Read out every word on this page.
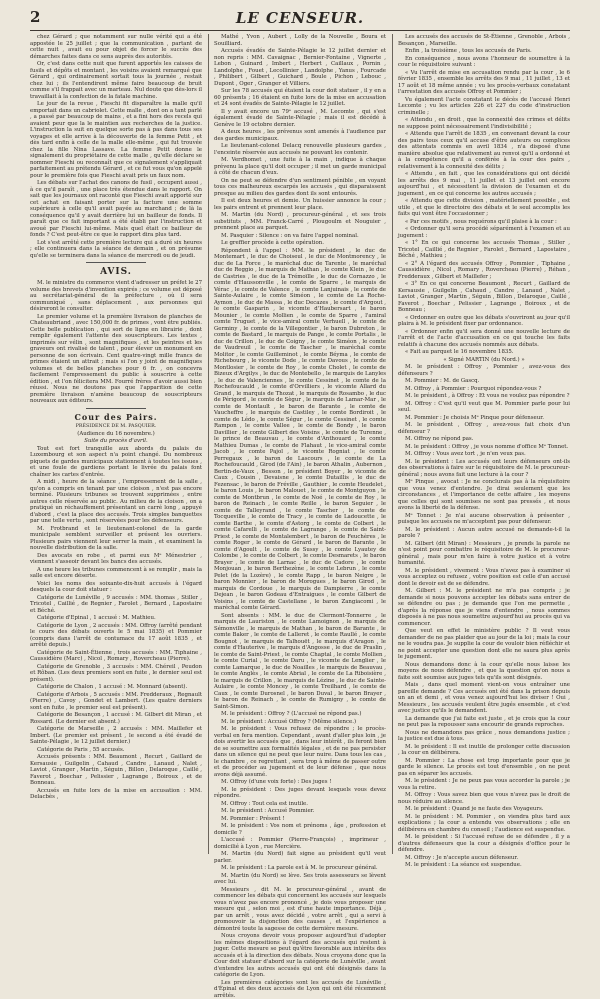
2	LE CENSEUR.

chez Gérard ; que notamment sur nulle vérité qui a été appostée le 25 juillet ; que la communication , partant de cette nuit , avait eu pour objet de forcer le succès des démarches faites dans ce sens auprès des autorités.

Or, c'est dans cette nuit que furent apportés les caisses de fusils et dépôts et montant , les voisins avaient remarqué que Gérard , qui ordinairement sortait tous la journée , restait chez lui ; ils l'entendirent même faire beaucoup de bruit comme s'il frappait avec un marteau. Nul doute que dès-lors il travaillait à la confection de la fatale machine.

Le jour de la revue , Fieschi fit disparaître la malle qu'il emportait dans un cabriolet. Cette malle , dont on a tant parlé , a passé par beaucoup de mains , et a fini hors des recels qui avaient peur que la le maintien aux recherches de la justice. L'instruction la suit en quelque sorte pas à pas dans tous ses voyages et elle arrive à la découverte de la femme Petit , et dès tard enfin à celle de la malle elle-même , qui fut trouvée chez la fille Nina Lassave. La femme Petit donne le signalement du propriétaire de cette malle , qu'elle déclare se nommer Fieschi ou reconnaît que ce signalement s'appliquait parfaitement au prétendu Gérard , et ce fut vous qu'on appelé pour le première fois que Fieschi avait pris un faux nom.

Les débats sur l'achat des canons de fusil , occupent aussi , à ce qu'il paraît , une place très étendue dans le rapport. On sait que les journaux ont raconté que Fieschi avait apporté sur cet achat en faisant porter sur la facture une somme supérieure à celle qu'il avait payée au marchand ; de là la conséquence qu'il y avait derrière lui un bailleur de fonds. Il paraît que ce fait important a été établi par l'instruction et avoué par Fieschi lui-même. Mais quel était ce bailleur de fonds ? C'est peut-être ce que le rapport dira plus tard.

Lot s'est arrêté cette première lecture qui a duré six heures ; elle continuera dans la séance de demain , et on présume qu'elle se terminera dans la séance de mercredi ou de jeudi.

AVIS.

M. le ministre du commerce vient d'adresser un préfet le 27 volume des brevets d'invention expirés ; ce volume est déposé au secrétariat-général de la préfecture , où il sera communiqué , sans déplacement , aux personnes qui désireront le consulter.

Le premier volume et la première livraison de planches de Chateaubriand , avec 150,000 fr. de primes , vont être publiés. Cette belle publication , qui sort de ligne en librairie , dont remplir également l'attente des souscripteurs. Les textes , imprimés sur vélin , sont magnifiques , et les peintres et les graveurs ont rivalisé de talent , pour élever un monument en personne de son écrivain. Cent quatre-vingt mille francs de primes étaient un attrait ; mais si l'on y joint de magnifiques volumes et de belles planches pour 6 fr. , on concevra facilement l'empressement du public à souscrire à cette édition , et l'on félicitera MM. Fourré frères d'avoir aussi bien réussi. Nous ne doutons pas que l'apparition de cette première livraison n'amène beaucoup de souscripteurs nouveaux aux éditeurs.

Cour des Pairs.

PRÉSIDENCE DE M. PASQUIER.

(Audience du 16 novembre.)

Suite du procès d'avril.

Tout est fort tranquille aux abords du palais du Luxembourg et son aspect n'a point changé. Du nombreux piquets de gardes municipaux stationnent à toutes les issues , et une foule de gardiens portant le livrée du palais font chaîner les cartes d'entrée.

A midi , heure de la séance , l'empressement de la salle , qu'on a compris en tenant par une cloison , n'est pas encore terminé. Plusieurs tribunes se trouvent supprimées , entre autres celle réservée au public. Au milieu de la cloison , on a pratiqué un réchauffement présentant un carré long , appuyé d'abord , c'est la place des accusés. Trois simples banquettes par une telle vertu , sont réservées pour les défenseurs.

M. Frotbrand et le lieutenant-colonel de la garde municipale semblent surveiller et présent les ouvriers. Plusieurs pairs viennent leur serrer la main , et examinent la nouvelle distribution de la salle.

Des avocats en robe , et parmi eux Mᵉ Ménestrier , viennent s'asseoir devant les bancs des accusés.

A une heure les tribunes commencent à se remplir , mais la salle est encore déserte.

Voici les noms des soixante-dix-huit accusés à l'égard desquels la cour doit statuer :

Catégorie de Lunéville , 9 accusés : MM. thomas , Stiller , Tricotel , Caillié , de Regnier , Farolet , Bernard , Lapostaire et Béché.

Catégorie d'Epinal , 1 accusé : M. Mathieu.

Catégorie de Lyon , 2 accusés : MM. Offroy (arrêté pendant le cours des débats ouverts le 5 mai 1835) et Pommier (compris dans l'arrêt de contumace du 17 août 1835 , et arrêté depuis.)

Catégorie de Saint-Étienne , trois accusés : MM. Tiphaine , Caussidière (Marc) , Nicol , Romary , Rovercheau (Pierre).

Catégorie de Grenoble , 3 accusés : MM. Chéreil , Peudon et Rôban. (Les deux premiers sont en fuite , le dernier seul est présent).

Catégorie de Chalon , 1 accusé : M. Monnard (absent).

Catégorie d'Arbois , 5 accusés : MM. Fredderaux , Regnault (Pierre) , Cavoy , Gondet et Lambert. (Les quatre derniers sont en fuite , le premier seul est présent).

Catégorie de Besançon , 1 accusé : M. Gilbert dit Miran , et Rossard. (Le dernier est absent.)

Catégorie de Marseille , 2 accusés : MM. Maillefer et Imbert. (Le premier est présent , le second a été évadé de Sainte-Pélagie , le 12 juillet dernier.)

Catégorie de Paris , 55 accusés.

Accusés présents : MM. Beaumont , Recurt , Gaillard de Kersausie , Guilgelin , Cahaud , Candre , Lanaud , Nalet , Laviot , Granger , Martin , Séguin , Billon , Delaroque , Caillé , Faverot , Boechar , Pelissier , Lagrange , Boiroux , et de Bonneau.

Accusés en fuite lors de la mise en accusation : MM. Delacbès ,

Mathé , Yvon , Aubert , Lolly de la Nouvelle , Boura et Souilliard.

Accusés évadés de Sainte-Pélagie le 12 juillet dernier et non repris : MM. Cavaignac , Bernier-Fontaine , Vignerte , Lebon , Guinard , Imbert , Herbert , Caillaux , Pornin , Landolphe , Fouet , Lecollinier , Landolphe , Yanus , Fourcade , Philibert , Gilbert , Guichard , Boule , Pichon , Lebouc , Dupont , Oger , Granger et Villiers.

Sur les 78 accusés qui étaient la cour doit statuer , il y en a 60 présents ; 16 étaient en fuite lors de la mise en accusation et 24 sont évadés de Sainte-Pélagie le 12 juillet.

Il y avait encore un 79ᵉ accusé , M. Lecomte , qui s'est également évadé de Sainte-Pélagie ; mais il est décédé à Genève le 19 octobre dernier.

A deux heures , les prévenus sont amenés à l'audience par des gardes municipaux.

Le lieutenant-colonel Delacq renouvelle plusieurs gardes , l'enceinte réservée aux accusés ne pouvant les contenir.

M. Verdhomet , une fuite à la main , indique à chaque prévenu la place qu'il doit occuper ; il met un garde municipal à côté de chacun d'eux.

On ne peut se défendre d'un sentiment pénible , en voyant tous ces malheureux escarpés les accusés , qui disparaissent presque au milieu des gardes dont ils sont entourés.

Il est deux heures et demie. Un huissier annonce la cour ; les pairs entrent et prennent leur place.

M. Martin (du Nord) , procureur-général , et ses trois substituts , MM. Franck-Carré , Plougoulm et Nouguier , prennent place au parquet.

M. Pasquier : Silence : on va faire l'appel nominal.

Le greffier procède à cette opération.

Répondent à l'appel : MM. le président , le duc de Montemart , le duc de Choiseul , le duc de Montmorency , le duc de La Force , le maréchal duc de Tarente , le maréchal duc de Reggio , le marquis de Mathan , le comte Klein , le duc de Castries , le duc de la Trémoïlle , le duc de Cornazzo , le comte d'Haussonville , le comte de Sparre , le marquis de Vérac , le comte de Valence , le comte Lanjuinais , le comte de Sainte-Aulaire , le comte Siméon , le comte de La Roche-Aymon , le duc de Massa , le duc Decazes , le comte d'Argout , le comte Gasparin , le vicomte d'Haubersart , le baron Mounier , le comte Mollien , le comte de Sparre , l'amiral comte Truguet , le vice-amiral comte Verhuell , le comte de Germiny , le comte de la Villegontier , le baron Dubreton , le comte de Bastard , le marquis de Pange , le comte Portalis , le duc de Crillon , le duc de Coigny , le comte Siméon , le comte de Vaudreuil , le comte de Tascher , le maréchal comte Molitor , le comte Guilleminot , le comte Béyma , le comte de Richebourg , le vicomte Dode , le comte Davous , le comte de Montlosier , le comte de Roy , le comte Cholet , le comte de Bizeux d'Argilys , le duc de Montebello , le marquis de Lanyles , le duc de Valenciennes , le comte Cessinet , le comte de la Rochefoucauld , le comte d'Orvilliers , le vicomte Allard du Grand , le marquis de Thozat , le marquis de Rosambo , le duc de Périgord , le comte de Sègur , le marquis de Lamar-Mar , le comte de Montault , le baron de Barante , le comte de Vaucheffre , le marquis de Castiley , le comte Bordiroit , le comte de Lédo , le comte Ségur , le comte Cessinet , le comte Rampon , le comte Vallee , le comte de Bondy , le baron Davillier , le comte Gilbert des Voisins , le comte de Turenne , le prince de Beauvau , le comte d'Anthouard , le comte Mathieu Dumas , le comte de Flahaut , le vice-amiral comte Jacob , le comte Pajol , le vicomte Rogniat , le comte Perregaux , le baron de Lascours , le comte de La Rochefoucauld , Girod (de l'Ain) , le baron Athalin , Aubernon , Bertin-de-Vaux , Besson , le président Boyer , le vicomte de Caux , Cousin , Devaisne , le comte Dutaillis , le duc de Fezensac , le baron de Fréville , Gauthier , le comte Heudelet , le baron Louis , le baron Malouet , le comte de Montguyon , le comte de Montbrun , le comte de Noé , le comte de Roy , le baron de Reinach , le comte Reille , le baron Seguier , le comte de Talleyrand , le comte Tascher , le comte de Tocqueville , le comte de Tracy , le comte de Ladoucette , le comte Barthe , le comte d'Astorg , le comte de Colbert , le comte Cafarelli , le comte de Lagrange , le comte de Saint-Priest , le comte de Montalembert , le baron de Feuchères , le comte Roger , le comte de Gérard , le baron de Barante , le comte d'Agoult , le comte de Sussy , le comte Lyautey de Colombe , le comte de Colbert , le comte Desmarets , le baron Brayer , le comte de Larnac , le duc de Cadore , le comte Monjouan , le baron Berthezène , le comte Lebrun , le comte Pelet (de la Lozère) , le comte Rapp , le baron Neigre , le baron Monnier , le baron de Morogues , le baron Girod , le marquis de Cordoue , le marquis de Dampierre , le comte Dejean , le baron Godeau d'Entraigues , le comte Gilbert de Voisins , le comte de Castellane , le baron Zangiacomi , le maréchal comte Gérard.

Sont absents : MM. le duc de Clermont-Tonnerre , le marquis de Lauriston , le comte Lamoignon , le marquis de Sémonville , le marquis de Mathan , le baron de Barante , le comte Baker , le comte de Lalleret , le comte Raullé , le comte Bougnot , le marquis de Talhouët , le marquis d'Aragon , le comte d'Hauterive , le marquis d'Angosse , le duc de Praslin , le comte de Saint-Priest , le comte Chaptal , le comte Mollien , le comte Curial , le comte Daru , le vicomte de Lenglier , le comte Lamarque , le duc de Noailles , le marquis de Beauvau , le comte Anglès , le comte Abrial , le comte de La Riboisière , le marquis de Crillon , le marquis de Lézine , le duc de Sainte-Aulaire , le comte Moncey , le comte Treilhard , le comte de Caux , le comte Durosnel , le baron Duval , le baron Brayer , le baron de Reinach , le comte de Rumigny , le comte de Saint-Simon.

M. le président : Offroy ? (L'accusé ne répond pas.)

M. le président : Accusé Offroy ? (Même silence.)

M. le président : Vous refusez de répondre ; le procès-verbal en fera mention. Cependant , avant d'aller plus loin , je dois avertir les accusés que , dans leur intérêt , ils feront bien de se soumettre aux formalités légales , et de ne pas persister dans un silence qui ne peut que leur nuire. Dans tous les cas , le chambre , ce regrettant , sera trop à même de passer outre et de procéder au jugement et de leur défense , que nous avons déjà assumé.

M. Offroy (d'une voix forte) : Des juges !

M. le président : Des juges devant lesquels vous devez répondre.

M. Offroy : Tout cela est inutile.

M. le président : Accusé Pommier.

M. Pommier : Présent !

M. le président : Vos nom et prénoms , âge , profession et domicile ?

L'accusé : Pommier (Pierre-François) , imprimeur , domicilié à Lyon , rue Mercière.

M. Martin (du Nord) fait signe au président qu'il veut parler.

M. le président : La parole est à M. le procureur général.

M. Martin (du Nord) se lève. Ses trois assesseurs se lèvent avec lui.

Messieurs , dit M. le procureur-général , avant de commencer les débats qui concernent les accusés sur lesquels vous n'avez pas encore prononcé , je dois vous proposer une mesure qui , selon moi , est d'une haute importance. Déjà , par un arrêt , vous avez décidé , votre arrêt , qui a servi à promouvoir la disjonction des causes , et l'expérience a démontré toute la sagesse de cette dernière mesure.

Nous croyons devoir vous proposer aujourd'hui d'adopter les mêmes dispositions à l'égard des accusés qui restent à juger. Cette mesure se peut qu'être favorable aux intérêts des accusés et à la direction des débats. Nous croyons donc que la Cour doit statuer d'abord sur la catégorie de Lunéville , avant d'entendre les autres accusés qui ont été désignés dans la catégorie de Lyon.

Les premières catégories sont les accusés de Lunéville , d'Épinal et des deux accusés de Lyon qui ont été récemment arrêtés.

Les accusés des accusés de St-Étienne , Grenoble , Arbois , Besançon , Marseille.

Enfin , la troisième , tous les accusés de Paris.

En conséquence , nous avons l'honneur de soumettre à la cour le réquisitoire suivant :

« Vu l'arrêt de mise en accusation rendu par la cour , le 6 février 1835 , ensemble les arrêts des 9 mai , 11 juillet , 13 et 17 août et 18 même année ; vu les procès-verbaux constatant l'arrestation des accusés Offroy et Pommier ;

Vu également l'acte constatant le décès de l'accusé Henri Lecomte ; vu les articles 226 et 227 du code d'instruction criminelle ;

« Attendu , en droit , que la connexité des crimes et délits ne suppose point nécessairement l'indivisibilité ;

« Attendu que l'arrêt de 1835 , en convenant devant la cour des pairs tous ceux qu'il accuse d'être auteurs ou complices des attentats commis en avril 1834 , n'a disposé d'une manière absolue que relativement au renvoi qu'il a ordonné et à la compétence qu'il a conférée à la cour des pairs , relativement à la connexité des délits ;

« Attendu , en fait , que les considérations qui ont décidé les arrêts des 9 mai , 11 juillet et 13 juillet ont encore aujourd'hui , et nécessitent la division de l'examen et du jugement , en ce qui concerne les autres accusés ;

« Attendu que cette division , matériellement possible , est utile , et que le directoire des débats et le seul accomplis les faits qui vont être l'occasionner ;

« Par ces motifs , nous requérons qu'il plaise à la cour :

« Ordonner qu'il sera procédé séparément à l'examen et au jugement :

« 1° En ce qui concerne les accusés Thomas , Stiller , Tricotel , Caillié , de Regnier , Farolet , Bernard , Lapostaire , Béché , Mathieu ;

« 2° A l'égard des accusés Offroy , Pommier , Tiphaine , Caussidière , Nicol , Romary , Rovercheau (Pierre) , Réhan , Fredderaux , Gilbert et Maillefer ;

« 3° En ce qui concerne Beaumont , Recurt , Gaillard de Kersausie , Guilgelin , Cahaud , Candre , Lanaud , Nalet , Laviot , Granger , Martin , Séguin , Billon , Delaroque , Caillé , Faverot , Boechar , Pelissier , Lagrange , Boiroux , et de Bonneau ;

« Ordonner en outre que les débats s'ouvriront au jour qu'il plaira à M. le président fixer par ordonnance.

« Ordonner enfin qu'il sera donné une nouvelle lecture de l'arrêt et de l'acte d'accusation en ce qui touche les faits relatifs à chacune des accusés nommés aux débats.

« Fait au parquet le 16 novembre 1835.

« Signé MARTIN (du Nord.) »

M. le président : Offroy , Pommier , avez-vous des défenseurs ?

M. Pommier : M. de Gascq.

M. Offroy , à Pommier : Pourquoi répondez-vous ?

M. le président , à Offroy : Et vous ne voulez pas répondre ?

M. Offroy : C'est qu'il veut que M. Pommier parle pour lui seul.

M. Pommier : Je choisis Mᵉ Pinque pour défenseur.

M. le président , Offroy , avez-vous fait choix d'un défenseur ?

M. Offroy ne répond pas.

M. le président : Offroy , je vous nomme d'office Mᵉ Tonnet.

M. Offroy : Vous avez tort , je n'en veux pas.

M. le président : Les accusés ont leurs défenseurs ont-ils des observations à faire sur le réquisitoire de M. le procureur-général ; nous avons fait une lecture à la cour ?

Mᵉ Pinque , avocat : Je ne conclurais pas à la réquisitoire que vous venez d'entendre. Je dirai seulement que les circonstances , et l'importance de cette affaire , les moyens que celles qui sont soumises ne sont pas pressés , et nous avons la liberté de la défense.

Mᵉ Tonnet : Je n'ai aucune observation à présenter , puisque les accusés ne m'acceptent pas pour défenseur.

M. le président : Aucun autre accusé ne demande-t-il la parole ?

M. Gilbert (dit Miran) : Messieurs , je prends la parole ne n'est point pour combattre le réquisitoire de M. le procureur-général , mais pour m'en faire à votre justice et à votre humanité.

M. le président , vivement : Vous n'avez pas à examiner si vous acceptez ou refusez , votre position est celle d'un accusé dont le devoir est de se défendre.

M. Gilbert : M. le président ne m'a pas compris ; je demande si nous pouvons accepter les débats sans entrer de se défendre ou pas ; je demande que l'on me permette , d'après la réponse que je viens d'entendre , nous sommes disposés à ne pas nous soumettre aujourd'hui au procès qui va commencer.

Que veut en effet le ministère public ? Il veut vous demander de ne pas plaider que au jour de la loi ; mais la cour ne le voudra pas. Je supplie la cour de vouloir bien réfléchir et ne point accepter une question dont elle ne saura plus après le jugement.

Nous demandons donc à la cour qu'elle nous laisse les moyens de nous défendre , et que la question qu'on nous a faite soit soumise aux juges tels qu'ils sont désignés.

Mais , dans quel moment vient-on vous entraîner une pareille demande ? Ces accusés ont été dans la prison depuis un an et demi , et vous venez aujourd'hui les diviser ! Oui , Messieurs , les accusés veulent être jugés ensemble , et c'est avec justice qu'ils le demandent.

La demande que j'ai faite est juste , et je crois que la cour ne peut pas la repousser sans encourir de grands reproches.

Nous ne demandons pas grâce , nous demandons justice ; la justice est due à tous.

M. le président : Il est inutile de prolonger cette discussion , la cour en délibérera.

M. Pommier : La chose est trop importante pour que je garde le silence. Le procès est tout d'ensemble , on ne peut pas en séparer les accusés.

M. le président : Je ne peux pas vous accorder la parole ; je vous la retire.

M. Offroy : Vous savez bien que vous n'avez pas le droit de nous réduire au silence.

M. le président : Quand je ne faute des Voyageurs.

M. le président : M. Pommier , on viendra plus tard aux explications ; la cour a entendu vos observations ; elle en délibérera en chambre du conseil ; l'audience est suspendue.

M. le président : Si l'accusé refuse de se défendre , il y a d'autres défenseurs que la cour a désignés d'office pour le défendre.

M. Offroy : Je n'accepte aucun défenseur.

M. le président : La séance est suspendue.
